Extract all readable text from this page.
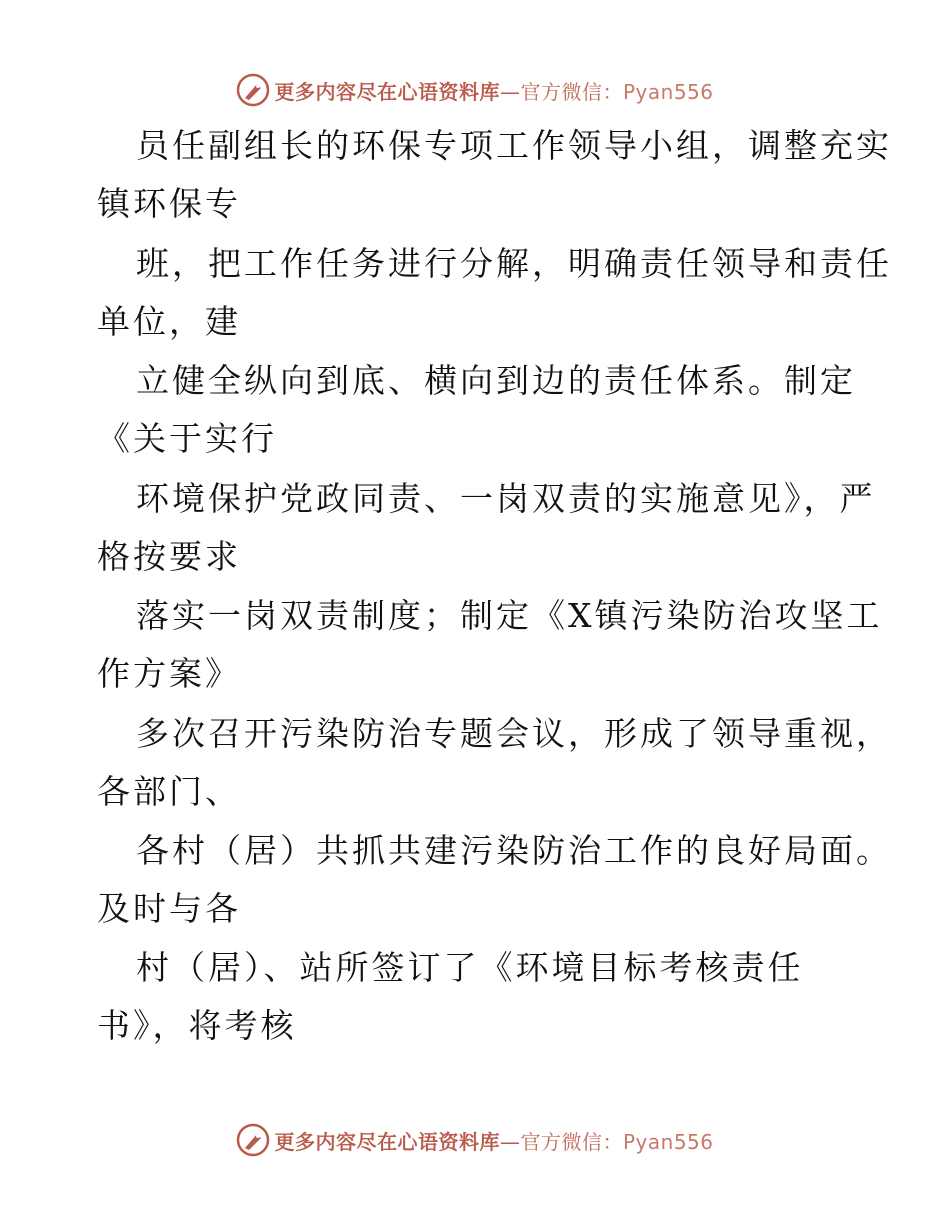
更多内容尽在心语资料库—官方微信：Pyan556
员任副组长的环保专项工作领导小组，调整充实
镇环保专
班，把工作任务进行分解，明确责任领导和责任
单位，建
立健全纵向到底、横向到边的责任体系。制定
《关于实行
环境保护党政同责、一岗双责的实施意见》，严
格按要求
落实一岗双责制度；制定《X镇污染防治攻坚工
作方案》
多次召开污染防治专题会议，形成了领导重视，
各部门、
各村（居）共抓共建污染防治工作的良好局面。
及时与各
村（居）、站所签订了《环境目标考核责任
书》，将考核
更多内容尽在心语资料库—官方微信：Pyan556
